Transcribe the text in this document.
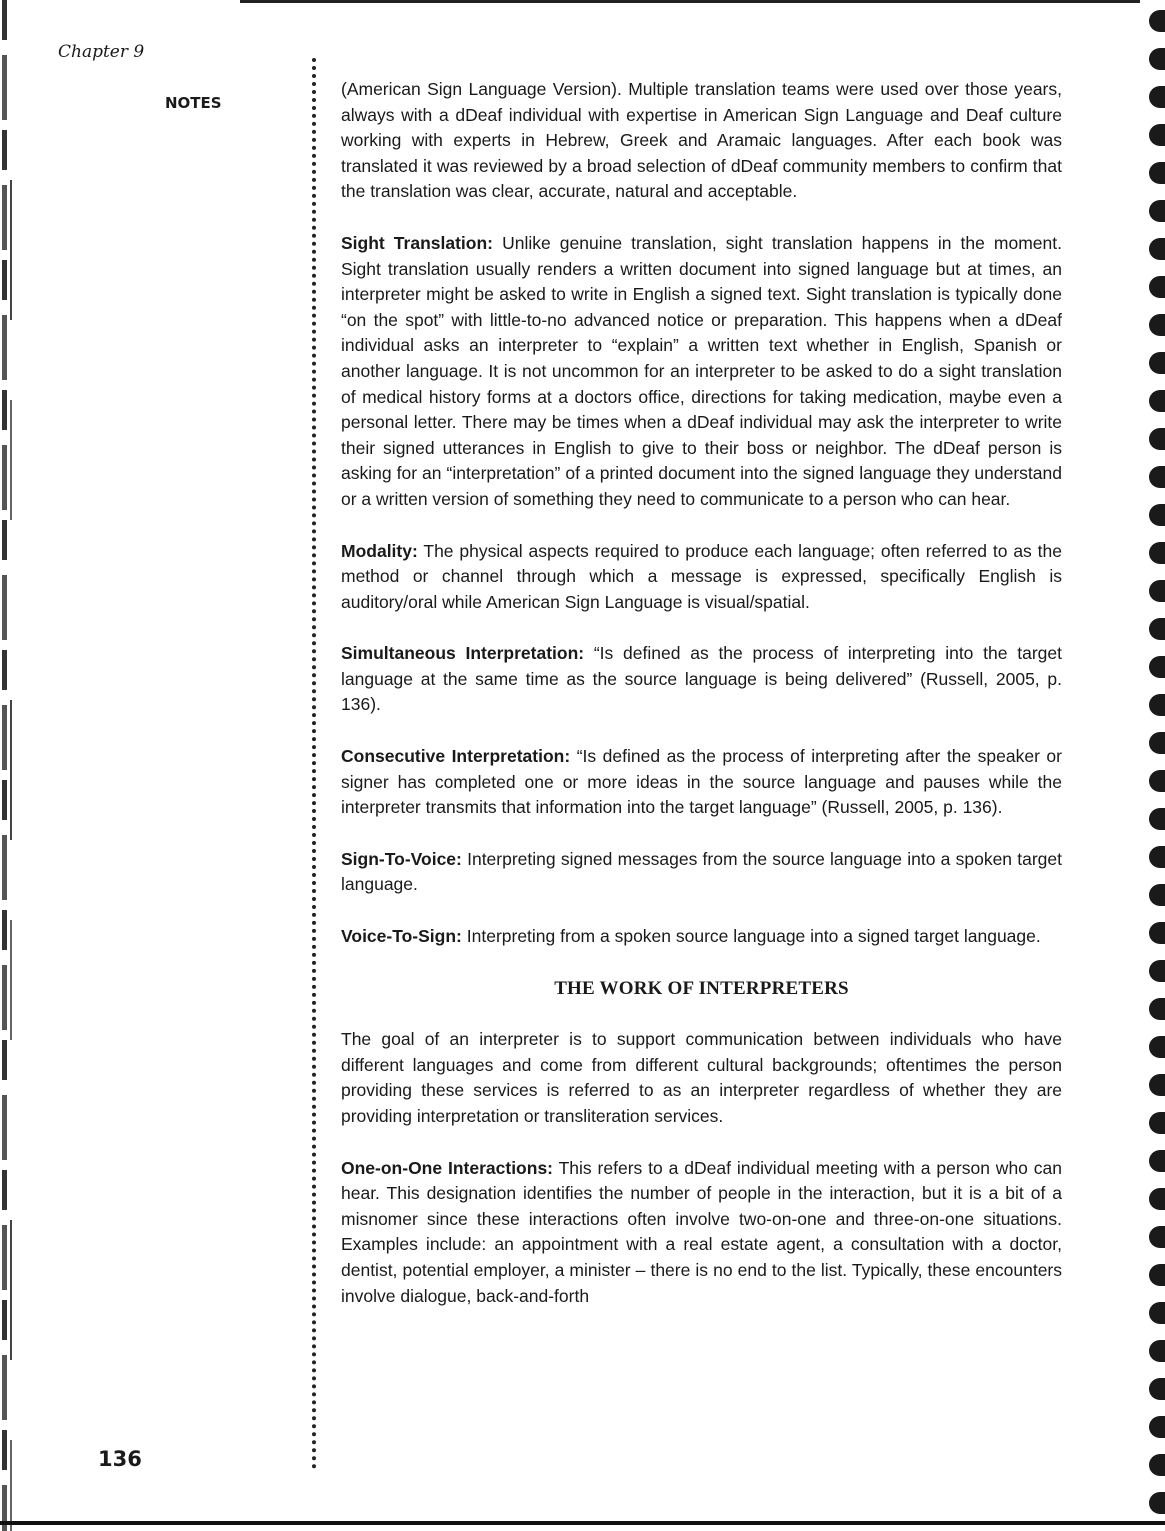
Chapter 9
NOTES
136

(American Sign Language Version). Multiple translation teams were used over those years, always with a dDeaf individual with expertise in American Sign Language and Deaf culture working with experts in Hebrew, Greek and Aramaic languages. After each book was translated it was reviewed by a broad selection of dDeaf community members to confirm that the translation was clear, accurate, natural and acceptable.

Sight Translation: Unlike genuine translation, sight translation happens in the moment. Sight translation usually renders a written document into signed language but at times, an interpreter might be asked to write in English a signed text. Sight translation is typically done “on the spot” with little-to-no advanced notice or preparation. This happens when a dDeaf individual asks an interpreter to “explain” a written text whether in English, Spanish or another language. It is not uncommon for an interpreter to be asked to do a sight translation of medical history forms at a doctors office, directions for taking medication, maybe even a personal letter. There may be times when a dDeaf individual may ask the interpreter to write their signed utterances in English to give to their boss or neighbor. The dDeaf person is asking for an “interpretation” of a printed document into the signed language they understand or a written version of something they need to communicate to a person who can hear.

Modality: The physical aspects required to produce each language; often referred to as the method or channel through which a message is expressed, specifically English is auditory/oral while American Sign Language is visual/spatial.

Simultaneous Interpretation: “Is defined as the process of interpreting into the target language at the same time as the source language is being delivered” (Russell, 2005, p. 136).

Consecutive Interpretation: “Is defined as the process of interpreting after the speaker or signer has completed one or more ideas in the source language and pauses while the interpreter transmits that information into the target language” (Russell, 2005, p. 136).

Sign-To-Voice: Interpreting signed messages from the source language into a spoken target language.

Voice-To-Sign: Interpreting from a spoken source language into a signed target language.

THE WORK OF INTERPRETERS

The goal of an interpreter is to support communication between individuals who have different languages and come from different cultural backgrounds; oftentimes the person providing these services is referred to as an interpreter regardless of whether they are providing interpretation or transliteration services.

One-on-One Interactions: This refers to a dDeaf individual meeting with a person who can hear. This designation identifies the number of people in the interaction, but it is a bit of a misnomer since these interactions often involve two-on-one and three-on-one situations. Examples include: an appointment with a real estate agent, a consultation with a doctor, dentist, potential employer, a minister – there is no end to the list. Typically, these encounters involve dialogue, back-and-forth
